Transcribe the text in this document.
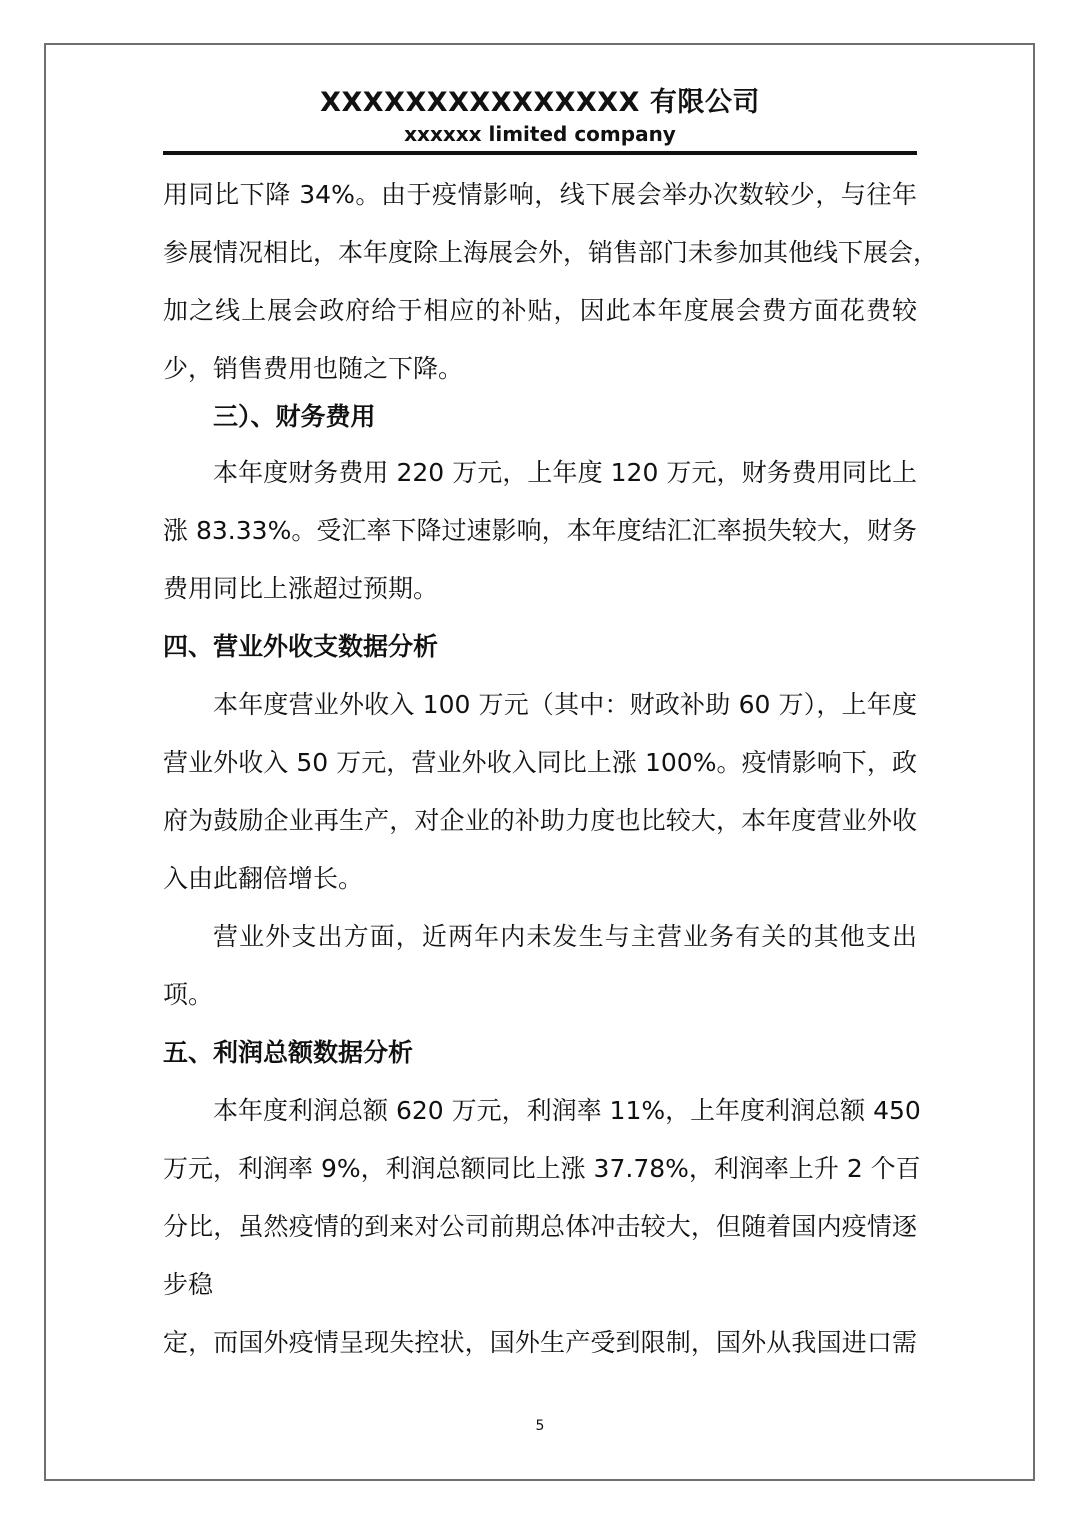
XXXXXXXXXXXXXXX 有限公司
xxxxxx limited company
用同比下降 34%。由于疫情影响，线下展会举办次数较少，与往年
参展情况相比，本年度除上海展会外，销售部门未参加其他线下展会，
加之线上展会政府给于相应的补贴，因此本年度展会费方面花费较
少，销售费用也随之下降。
三）、财务费用
本年度财务费用 220 万元，上年度 120 万元，财务费用同比上
涨 83.33%。受汇率下降过速影响，本年度结汇汇率损失较大，财务
费用同比上涨超过预期。
四、营业外收支数据分析
本年度营业外收入 100 万元（其中：财政补助 60 万），上年度
营业外收入 50 万元，营业外收入同比上涨 100%。疫情影响下，政
府为鼓励企业再生产，对企业的补助力度也比较大，本年度营业外收
入由此翻倍增长。
营业外支出方面，近两年内未发生与主营业务有关的其他支出
项。
五、利润总额数据分析
本年度利润总额 620 万元，利润率 11%，上年度利润总额 450
万元，利润率 9%，利润总额同比上涨 37.78%，利润率上升 2 个百
分比，虽然疫情的到来对公司前期总体冲击较大，但随着国内疫情逐
步稳
定，而国外疫情呈现失控状，国外生产受到限制，国外从我国进口需
5
